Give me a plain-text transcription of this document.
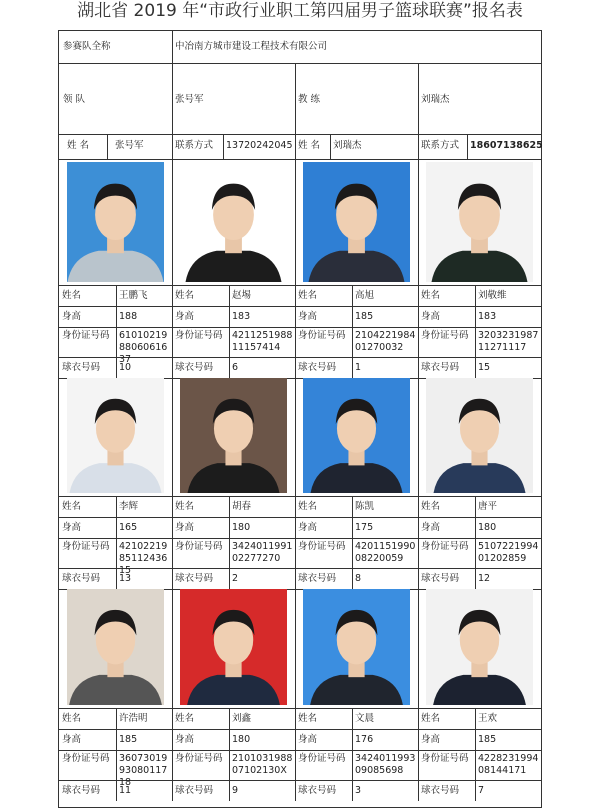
湖北省 2019 年“市政行业职工第四届男子篮球联赛”报名表
参赛队全称	中冶南方城市建设工程技术有限公司
领 队	张号军	教 练	刘瑞杰
姓 名	张号军	联系方式 13720242045 姓 名 刘瑞杰	联系方式 18607138625
姓名	王鹏飞
身高	188
身份证号码 610102198806061637
球衣号码 10
姓名	赵埸
身高	183
身份证号码 421125198811157414
球衣号码 6
姓名	高旭
身高	185
身份证号码 210422198401270032
球衣号码 1
姓名	刘敬维
身高	183
身份证号码 320323198711271117
球衣号码 15
姓名	李辉
身高	165
身份证号码 421022198511243615
球衣号码 13
姓名	胡春
身高	180
身份证号码 342401199102277270
球衣号码 2
姓名	陈凯
身高	175
身份证号码 420115199008220059
球衣号码 8
姓名	唐平
身高	180
身份证号码 510722199401202859
球衣号码 12
姓名	许浩明
身高	185
身份证号码 360730199308011718
球衣号码 11
姓名	刘鑫
身高	180
身份证号码 210103198807102130X
球衣号码 9
姓名	文晨
身高	176
身份证号码 342401199309085698
球衣号码 3
姓名	王欢
身高	185
身份证号码 422823199408144171
球衣号码 7
